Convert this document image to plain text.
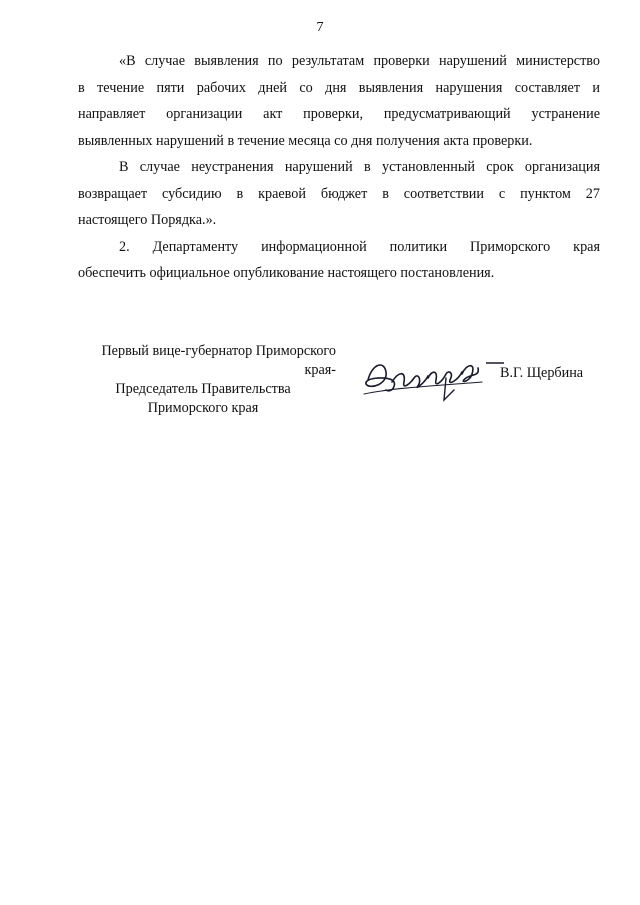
7

«В случае выявления по результатам проверки нарушений министерство
в течение пяти рабочих дней со дня выявления нарушения составляет и
направляет организации акт проверки, предусматривающий устранение
выявленных нарушений в течение месяца со дня получения акта проверки.

В случае неустранения нарушений в установленный срок организация
возвращает субсидию в краевой бюджет в соответствии с пунктом 27
настоящего Порядка.».

2. Департаменту информационной политики Приморского края
обеспечить официальное опубликование настоящего постановления.

Первый вице-губернатор Приморского края-
Председатель Правительства
Приморского края
В.Г. Щербина
